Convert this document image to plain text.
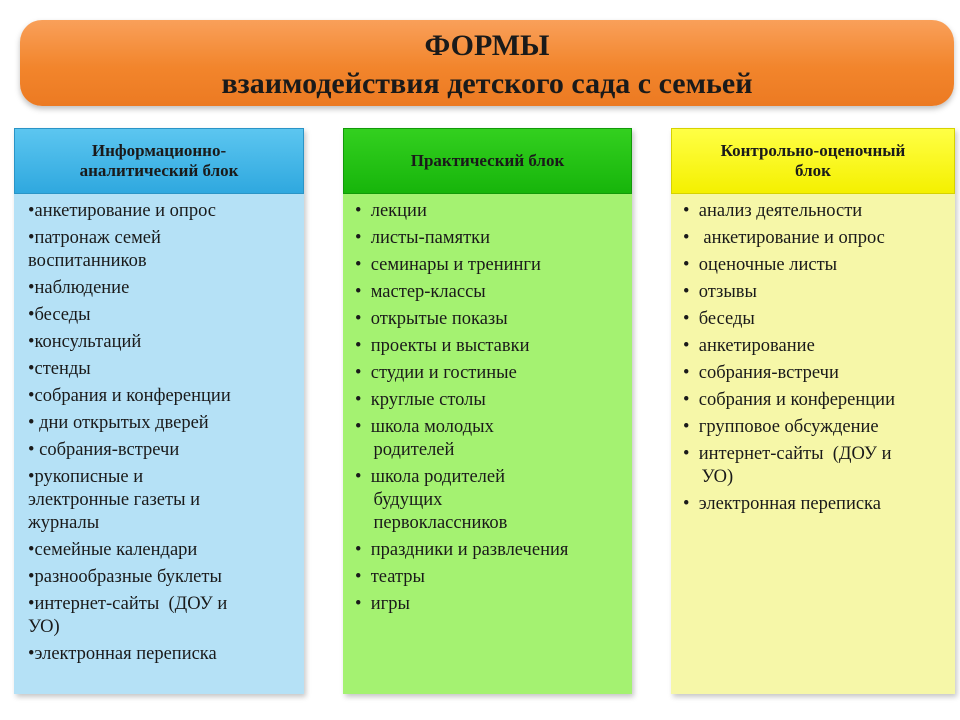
ФОРМЫ
взаимодействия детского сада с семьей
Информационно-
аналитический блок
•анкетирование и опрос
•патронаж семей
воспитанников
•наблюдение
•беседы
•консультаций
•стенды
•собрания и конференции
• дни открытых дверей
• собрания-встречи
•рукописные и
электронные газеты и
журналы
•семейные календари
•разнообразные буклеты
•интернет-сайты  (ДОУ и
УО)
•электронная переписка
Практический блок
•  лекции
•  листы-памятки
•  семинары и тренинги
•  мастер-классы
•  открытые показы
•  проекты и выставки
•  студии и гостиные
•  круглые столы
•  школа молодых
родителей
•  школа родителей
будущих
первоклассников
•  праздники и развлечения
•  театры
•  игры
Контрольно-оценочный
блок
•  анализ деятельности
•   анкетирование и опрос
•  оценочные листы
•  отзывы
•  беседы
•  анкетирование
•  собрания-встречи
•  собрания и конференции
•  групповое обсуждение
•  интернет-сайты  (ДОУ и
УО)
•  электронная переписка
